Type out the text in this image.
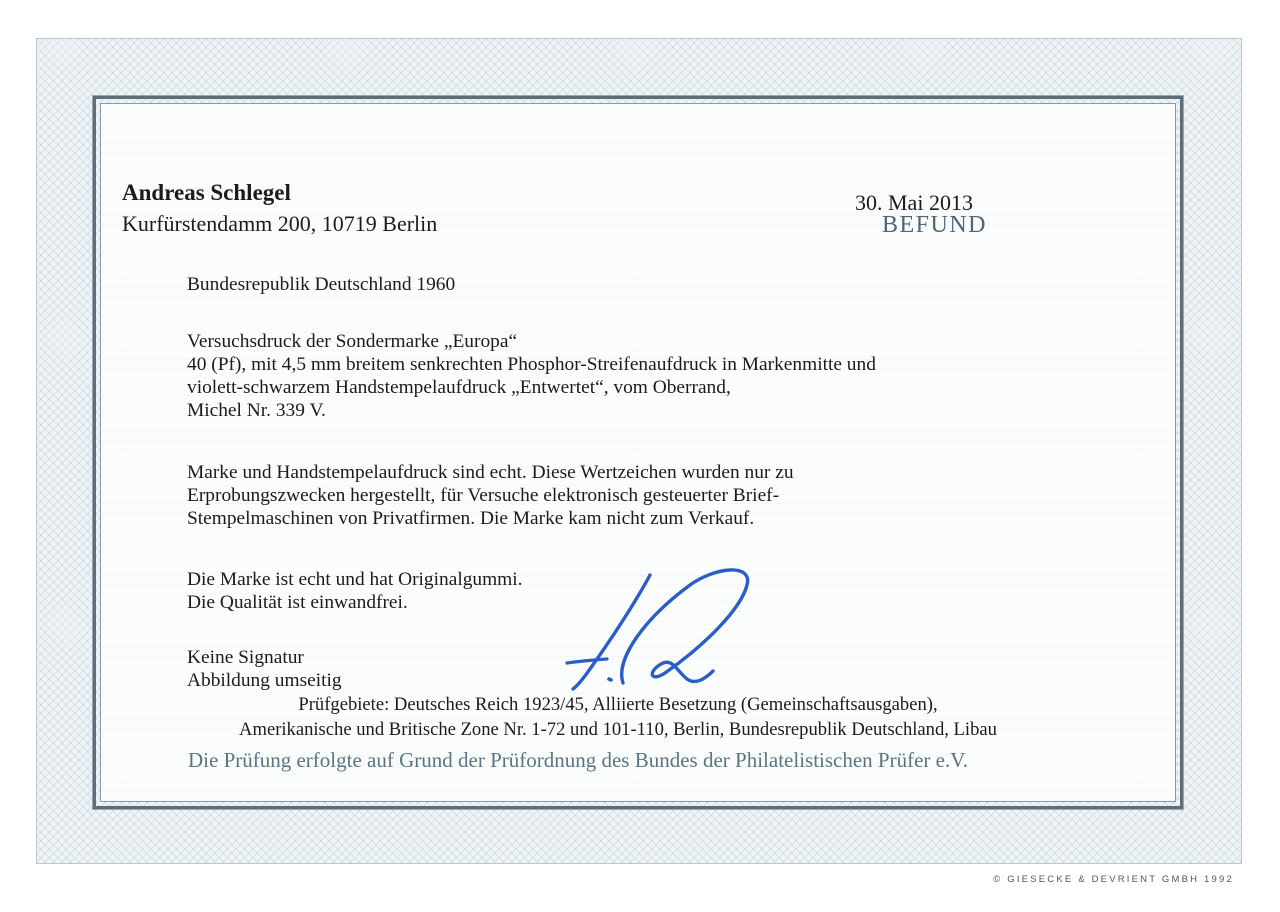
Andreas Schlegel

Kurfürstendamm 200, 10719 Berlin

30. Mai 2013

BEFUND

Bundesrepublik Deutschland 1960
Versuchsdruck der Sondermarke „Europa“
40 (Pf), mit 4,5 mm breitem senkrechten Phosphor-Streifenaufdruck in Markenmitte und
violett-schwarzem Handstempelaufdruck „Entwertet“, vom Oberrand,
Michel Nr. 339 V.
Marke und Handstempelaufdruck sind echt. Diese Wertzeichen wurden nur zu
Erprobungszwecken hergestellt, für Versuche elektronisch gesteuerter Brief-
Stempelmaschinen von Privatfirmen. Die Marke kam nicht zum Verkauf.
Die Marke ist echt und hat Originalgummi.
Die Qualität ist einwandfrei.
Keine Signatur
Abbildung umseitig
Prüfgebiete: Deutsches Reich 1923/45, Alliierte Besetzung (Gemeinschaftsausgaben),
Amerikanische und Britische Zone Nr. 1-72 und 101-110, Berlin, Bundesrepublik Deutschland, Libau

Die Prüfung erfolgte auf Grund der Prüfordnung des Bundes der Philatelistischen Prüfer e.V.

© GIESECKE & DEVRIENT GMBH 1992
